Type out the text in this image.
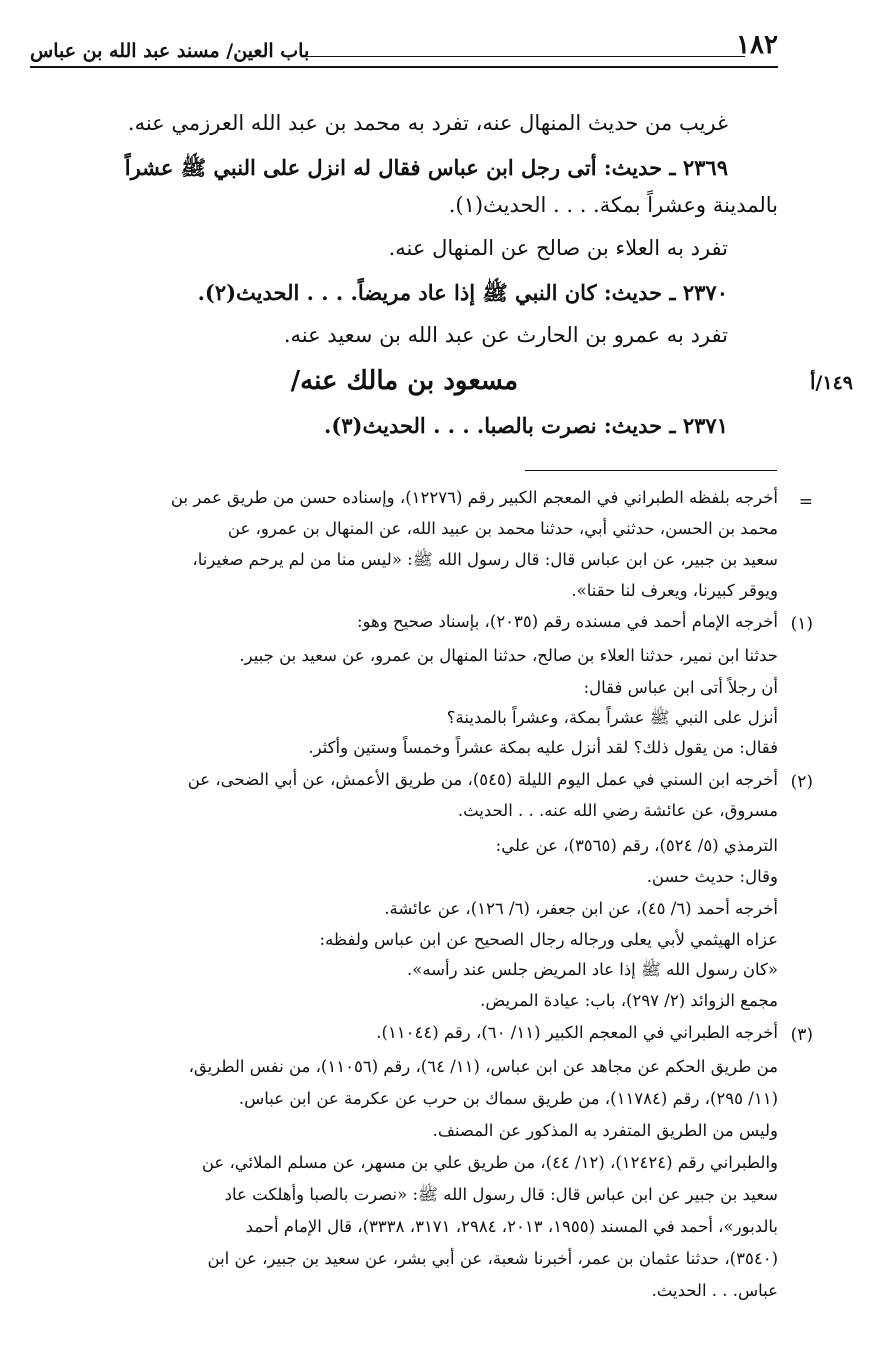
١٨٢
باب العين/ مسند عبد الله بن عباس
غريب من حديث المنهال عنه، تفرد به محمد بن عبد الله العرزمي عنه.
٢٣٦٩ ـ حديث: أتى رجل ابن عباس فقال له انزل على النبي ﷺ عشراً
بالمدينة وعشراً بمكة. . . . الحديث(١).
تفرد به العلاء بن صالح عن المنهال عنه.
٢٣٧٠ ـ حديث: كان النبي ﷺ إذا عاد مريضاً. . . . الحديث(٢).
تفرد به عمرو بن الحارث عن عبد الله بن سعيد عنه.
مسعود بن مالك عنه/	١٤٩/أ
٢٣٧١ ـ حديث: نصرت بالصبا. . . . الحديث(٣).
=
أخرجه بلفظه الطبراني في المعجم الكبير رقم (١٢٢٧٦)، وإسناده حسن من طريق عمر بن
محمد بن الحسن، حدثني أبي، حدثنا محمد بن عبيد الله، عن المنهال بن عمرو، عن
سعيد بن جبير، عن ابن عباس قال: قال رسول الله ﷺ: «ليس منا من لم يرحم صغيرنا،
ويوقر كبيرنا، ويعرف لنا حقنا».
(١)
أخرجه الإمام أحمد في مسنده رقم (٢٠٣٥)، بإسناد صحيح وهو:
حدثنا ابن نمير، حدثنا العلاء بن صالح، حدثنا المنهال بن عمرو، عن سعيد بن جبير.
أن رجلاً أتى ابن عباس فقال:
أنزل على النبي ﷺ عشراً بمكة، وعشراً بالمدينة؟
فقال: من يقول ذلك؟ لقد أنزل عليه بمكة عشراً وخمساً وستين وأكثر.
(٢)
أخرجه ابن السني في عمل اليوم الليلة (٥٤٥)، من طريق الأعمش، عن أبي الضحى، عن
مسروق، عن عائشة رضي الله عنه. . . الحديث.
الترمذي (٥/ ٥٢٤)، رقم (٣٥٦٥)، عن علي:
وقال: حديث حسن.
أخرجه أحمد (٦/ ٤٥)، عن ابن جعفر، (٦/ ١٢٦)، عن عائشة.
عزاه الهيثمي لأبي يعلى ورجاله رجال الصحيح عن ابن عباس ولفظه:
«كان رسول الله ﷺ إذا عاد المريض جلس عند رأسه».
مجمع الزوائد (٢/ ٢٩٧)، باب: عيادة المريض.
(٣)
أخرجه الطبراني في المعجم الكبير (١١/ ٦٠)، رقم (١١٠٤٤).
من طريق الحكم عن مجاهد عن ابن عباس، (١١/ ٦٤)، رقم (١١٠٥٦)، من نفس الطريق،
(١١/ ٢٩٥)، رقم (١١٧٨٤)، من طريق سماك بن حرب عن عكرمة عن ابن عباس.
وليس من الطريق المتفرد به المذكور عن المصنف.
والطبراني رقم (١٢٤٢٤)، (١٢/ ٤٤)، من طريق علي بن مسهر، عن مسلم الملائي، عن
سعيد بن جبير عن ابن عباس قال: قال رسول الله ﷺ: «نصرت بالصبا وأهلكت عاد
بالدبور»، أحمد في المسند (١٩٥٥، ٢٠١٣، ٢٩٨٤، ٣١٧١، ٣٣٣٨)، قال الإمام أحمد
(٣٥٤٠)، حدثنا عثمان بن عمر، أخبرنا شعبة، عن أبي بشر، عن سعيد بن جبير، عن ابن
عباس. . . الحديث.
